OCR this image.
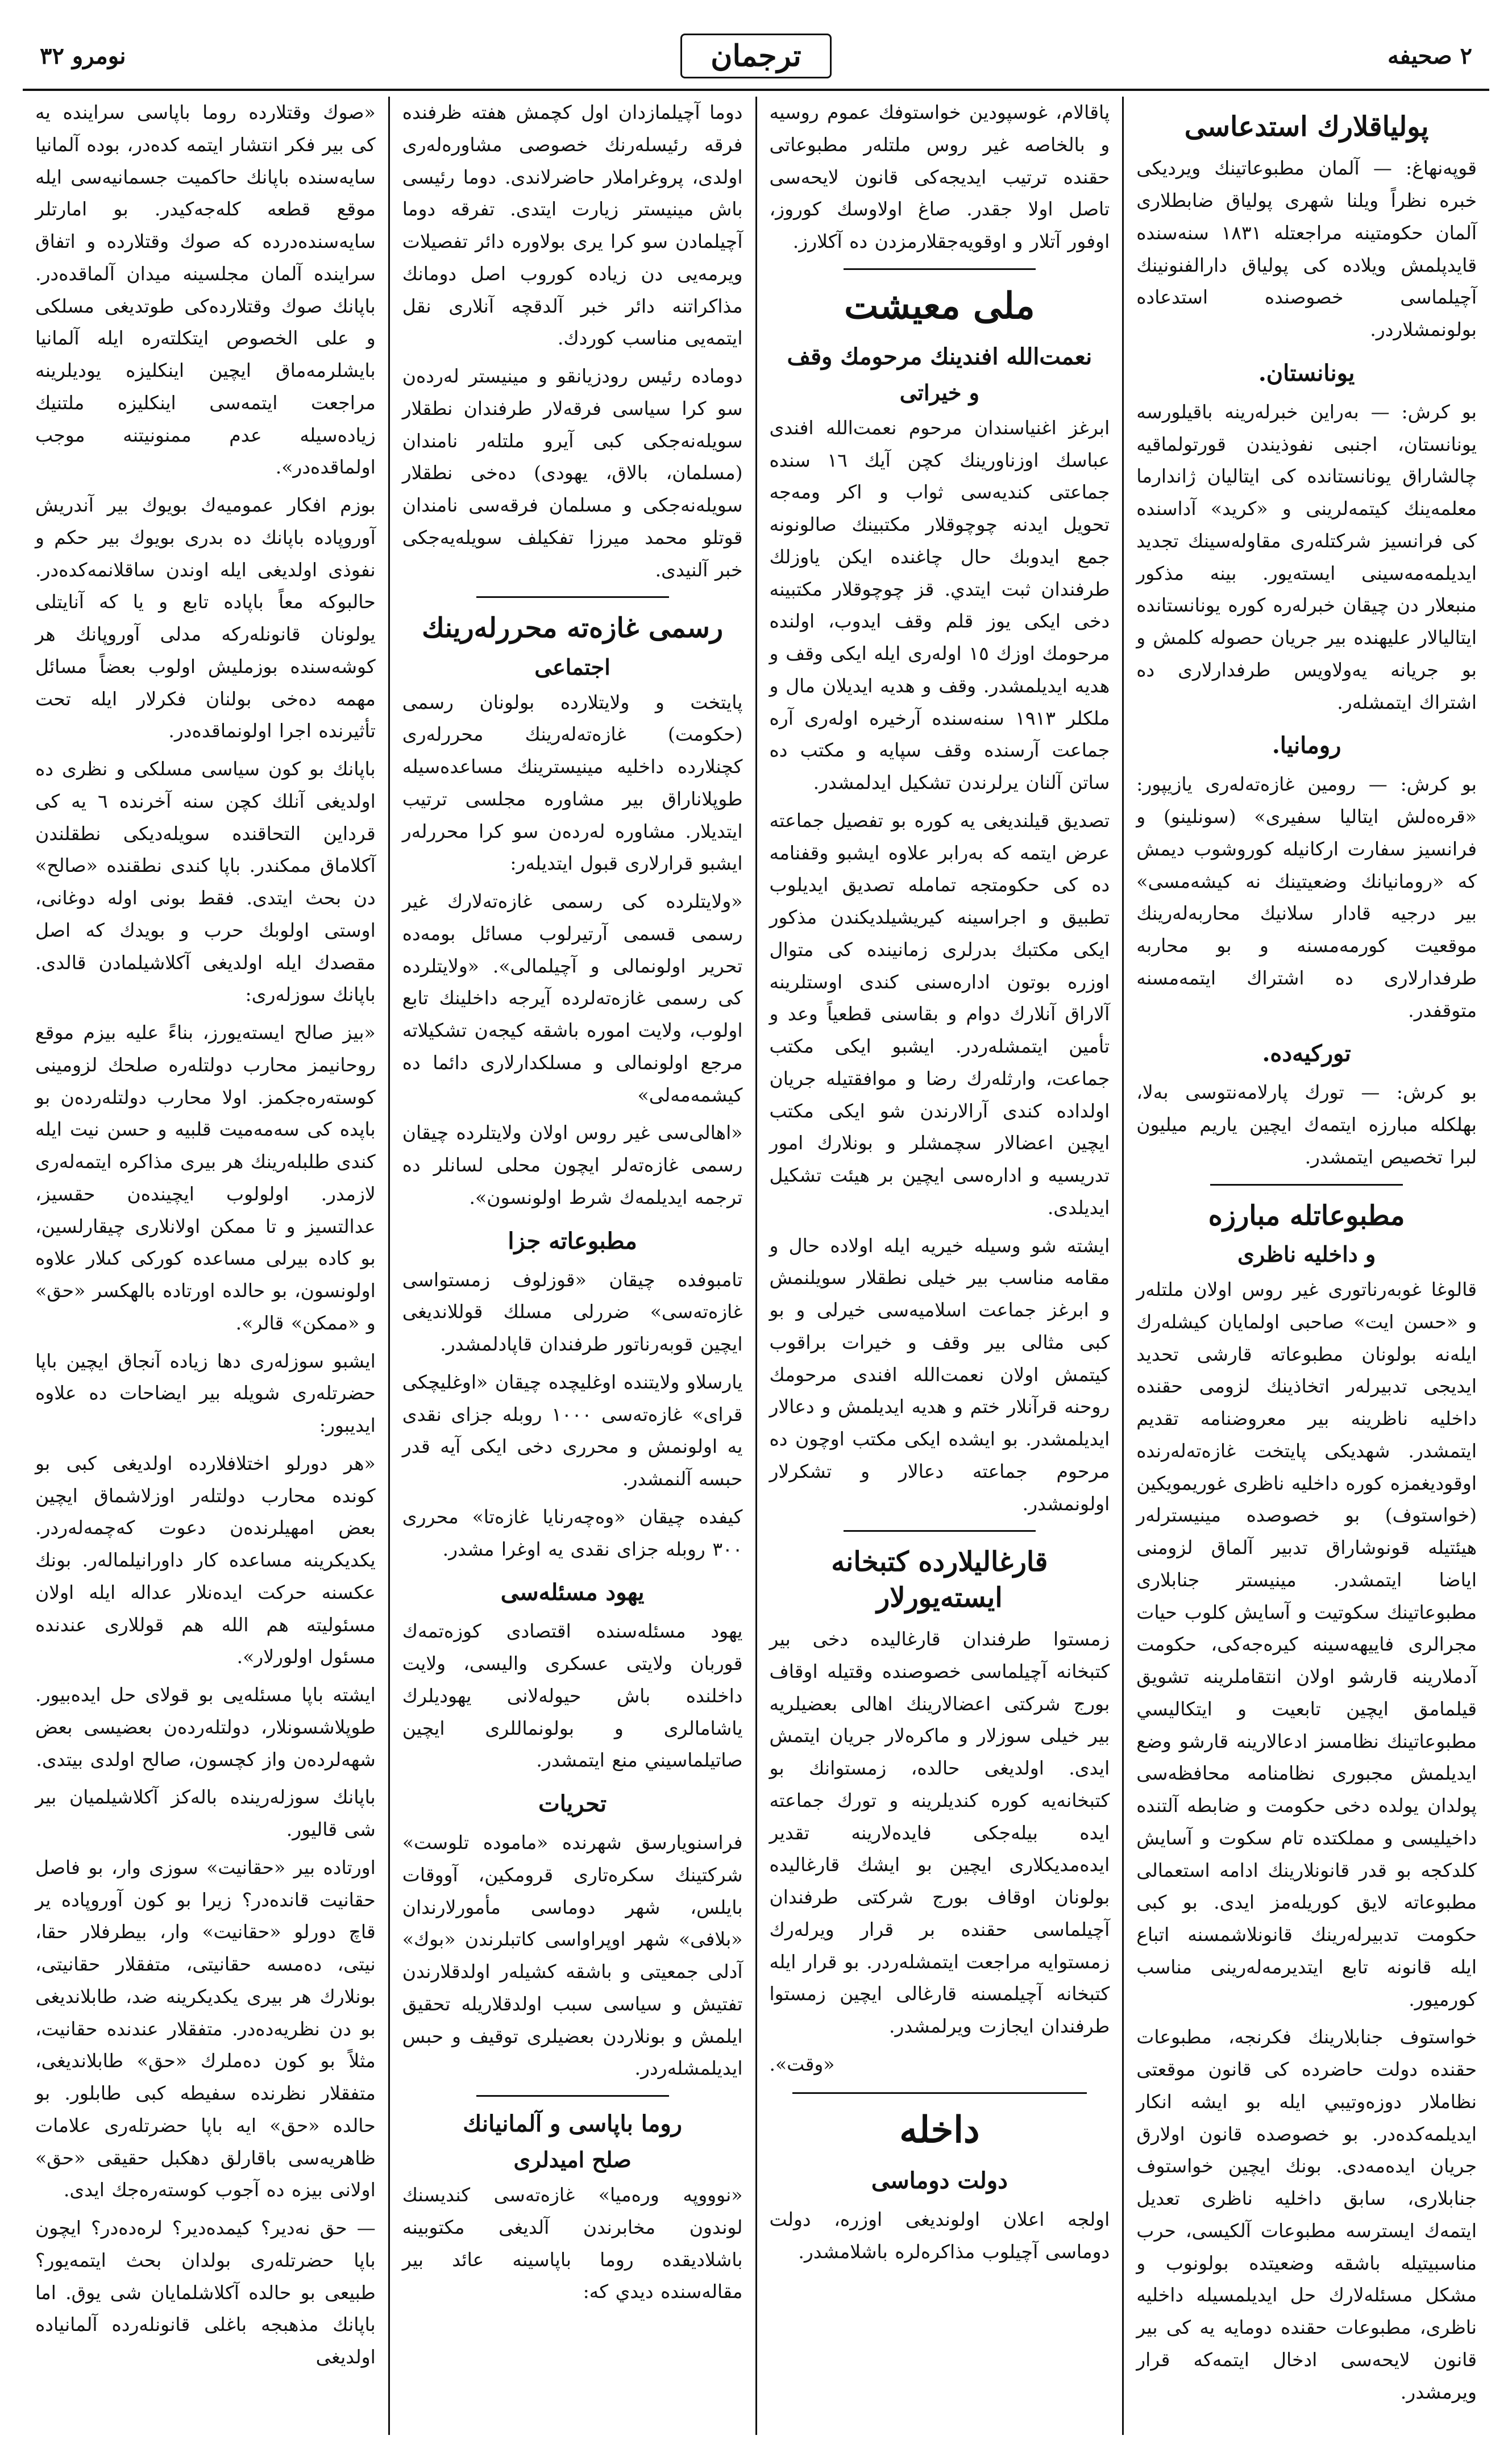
٢ صحيفه
ترجمان
نومرو ٣٢
پولياقلارك استدعاسى

قوپه‌نهاغ: — آلمان مطبوعاتينك ويرديكى خبره نظراً ويلنا شهرى پولياق ضابطلارى آلمان حكومتينه مراجعتله ١٨٣١ سنه‌سنده قايدپلمش ويلاده كى پولياق دارالفنونينك آچيلماسى خصوصنده استدعاده بولونمشلاردر.

يونانستان.

بو كرش: — بەراين خبرلەرينه باقيلورسه يونانستان، اجنبى نفوذيندن قورتولماقيه چالشاراق يونانستانده كى ايتاليان ژاندارما معلمەينك كيتمەلرينى و «كريد» آداسنده كى فرانسيز شركتلەرى مقاولەسينك تجديد ايديلمەمەسينى ايستەيور. بينه مذكور منبعلار دن چيقان خبرلەره كوره يونانستانده ايتاليالار عليهنده بير جريان حصوله كلمش و بو جريانه يه‌ولاويس طرفدارلارى ده اشتراك ايتمشلەر.

رومانيا.

بو كرش: — رومين غازەتەلەرى يازيپور: «قره‌ه‌لش ايتاليا سفيرى» (سونلينو) و فرانسيز سفارت اركانيله كوروشوب ديمش كه «رومانيانك وضعيتينك نه كيشەمسى» بير درجيه قادار سلانيك محاربه‌لەرينك موقعيت كورمەمسنه و بو محاربه طرفدارلارى ده اشتراك ايتمەمسنه متوقفدر.

توركيەده.

بو كرش: — تورك پارلامەنتوسى بەلا، بهلكله مبارزه ايتمەك ايچين ياريم ميليون لبرا تخصيص ايتمشدر.

مطبوعاتله مبارزه
و داخليه ناظرى

قالوغا غوبەرناتورى غير روس اولان ملتلەر و «حسن ايت» صاحبى اولمايان كيشلەرك ايلەنە بولونان مطبوعاته قارشى تحديد ايديجى تدبيرلەر اتخاذينك لزومى حقنده داخليه ناظرينه بير معروضنامه تقديم ايتمشدر. شهديكى پايتخت غازەتەلەرنده اوقوديغمزه كوره داخليه ناظرى غوريمويكين (خواستوف) بو خصوصده مينيسترلەر هيئتيله قونوشاراق تدبير آلماق لزومنى اياضا ايتمشدر. مينيستر جنابلارى مطبوعاتينك سكوتيت و آسايش كلوب حيات مجرالرى فاييهەسينه كيرەجەكى، حكومت آدملارينه قارشو اولان انتقاملرينه تشويق قيلمامق ايچين تابعيت و ايتكاليسي مطبوعاتينك نظامسز ادعالارينه قارشو وضع ايديلمش مجبورى نظامنامه محافظه‌سى پولدان يولده دخى حكومت و ضابطه آلتنده داخيليسى و مملكتده تام سكوت و آسايش كلدكجه بو قدر قانونلارينك ادامه استعمالى مطبوعاته لايق كوريلەمز ايدى. بو كبى حكومت تدبيرلەرينك قانونلاشمسنه اتباع ايله قانونه تابع ايتديرمەلەرينى مناسب كورميور.

خواستوف جنابلارينك فكرنجه، مطبوعات حقنده دولت حاضرده كى قانون موقعتى نظاملار دوزەوتيبي ايله بو ايشە انكار ايديلمەكدەدر. بو خصوصده قانون اولارق جريان ايدەمەدى. بونك ايچين خواستوف جنابلارى، سابق داخليه ناظرى تعديل ايتمەك ايسترسه مطبوعات آلكيسى، حرب مناسبيتيله باشقه وضعيتده بولونوب و مشكل مسئلەلارك حل ايديلمسيله داخليه ناظرى، مطبوعات حقنده دومايه يه كى بير قانون لايحەسى ادخال ايتمەكە قرار ويرمشدر.

پاقالام، غوسپودين خواستوفك عموم روسيه و بالخاصه غير روس ملتلەر مطبوعاتى حقنده ترتيب ايديجەكى قانون لايحەسى تاصل اولا جقدر. صاغ اولاوسك كوروز، اوفور آتلار و اوقويەجقلارمزدن ده آكلارز.

ملى معيشت
نعمت‌الله افندينك مرحومك وقف
و خيراتى

ابرغز اغنياسندان مرحوم نعمت‌الله افندى عباسك اوزناورينك كچن آيك ١٦ سنده جماعتى كنديه‌سى ثواب و اكر ومەجە تحويل ايدنە چوچوقلار مكتبينك صالونونه جمع ايدوبك حال چاغنده ايكن ياوزلك طرفندان ثبت ايتدي. قز چوچوقلار مكتبينه دخى ايكى يوز قلم وقف ايدوب، اولنده مرحومك اوزك ١٥ اولەرى ايله ايكى وقف و هديه ايديلمشدر. وقف و هديه ايديلان مال و ملكلر ١٩١٣ سنه‌سنده آرخيرە اولەرى آره جماعت آرسنده وقف سپايه و مكتب ده ساتن آلنان يرلرندن تشكيل ايدلمشدر.

تصديق قيلنديغى يه كوره بو تفصيل جماعته عرض ايتمه كه بەرابر علاوه ايشبو وقفنامه ده كى حكومتجه تمامله تصديق ايديلوب تطبيق و اجراسينه كيريشيلديكندن مذكور ايكى مكتبك بدرلرى زمانينده كى متوال اوزره بوتون ادارەسنى كندى اوستلرينه آلاراق آنلارك دوام و بقاسنى قطعياً وعد و تأمين ايتمشلەردر. ايشبو ايكى مكتب جماعت، وارثلەرك رضا و موافقتيله جريان اولداده كندى آرالارندن شو ايكى مكتب ايچين اعضالار سچمشلر و بونلارك امور تدريسيه و ادارەسى ايچين بر هيئت تشكيل ايديلدى.

ايشته شو وسيله خيريه ايله اولاده حال و مقامه مناسب بير خيلى نطقلار سويلنمش و ابرغز جماعت اسلاميه‌سى خيرلى و بو كبى مثالى بير وقف و خيرات براقوب كيتمش اولان نعمت‌الله افندى مرحومك روحنه قرآنلار ختم و هديه ايديلمش و دعالار ايديلمشدر. بو ايشده ايكى مكتب اوچون ده مرحوم جماعته دعالار و تشكرلار اولونمشدر.

قارغاليلارده كتبخانه ايستەيورلار

زمستوا طرفندان قارغاليده دخى بير كتبخانه آچيلماسى خصوصنده وقتيله اوقاف بورج شركتى اعضالارينك اهالى بعضيلريه بير خيلى سوزلار و ماكرەلار جريان ايتمش ايدى. اولديغى حالده، زمستوانك بو كتبخانه‌يه كوره كنديلرينه و تورك جماعته ايده بيلەجكى فايدەلارينه تقدير ايدەمديكلارى ايچين بو ايشك قارغاليده بولونان اوقاف بورج شركتى طرفندان آچيلماسى حقنده بر قرار ويرلەرك زمستوايه مراجعت ايتمشلەردر. بو قرار ايله كتبخانه آچيلمسنه قارغالى ايچين زمستوا طرفندان ايجازت ويرلمشدر.

«وقت».

داخله
دولت دوماسى

اولجه اعلان اولونديغى اوزره، دولت دوماسى آچيلوب مذاكرەلره باشلامشدر.

دوما آچيلمازدان اول كچمش هفته ظرفنده فرقه رئيسلەرنك خصوصى مشاوره‌لەرى اولدى، پروغراملار حاضرلاندى. دوما رئيسى باش مينيستر زيارت ايتدى. تفرقه دوما آچيلمادن سو كرا يرى بولاوره دائر تفصيلات ويرمه‌يى دن زياده كوروب اصل دومانك مذاكراتنه دائر خبر آلدقچه آنلارى نقل ايتمه‌يى مناسب كوردك.

دوماده رئيس رودزيانقو و مينيستر لەردەن سو كرا سياسى فرقەلار طرفندان نطقلار سويلەنەجكى كبى آيرو ملتلەر نامندان (مسلمان، بالاق، يهودى) ده‌خى نطقلار سويلەنەجكى و مسلمان فرقەسى نامندان قوتلو محمد ميرزا تفكيلف سويلەيەجكى خبر آلنيدى.

رسمى غازەته محررلەرينك
اجتماعى

پايتخت و ولايتلارده بولونان رسمى (حكومت) غازەتەلەرينك محررلەرى كچنلارده داخليه مينيسترينك مساعده‌سيله طوپلاناراق بير مشاوره مجلسى ترتيب ايتديلار. مشاوره لەردەن سو كرا محررلەر ايشبو قرارلارى قبول ايتديلەر:

«ولايتلرده كى رسمى غازەتەلارك غير رسمى قسمى آرتيرلوب مسائل بومەدە تحرير اولونمالى و آچيلمالى». «ولايتلرده كى رسمى غازەتەلرده آيرجه داخلينك تابع اولوب، ولايت اموره باشقه كيجەن تشكيلاته مرجع اولونمالى و مسلكدارلارى دائما ده كيشمەمەلى»

«اهالى‌سى غير روس اولان ولايتلرده چيقان رسمى غازەتەلر ايچون محلى لسانلر ده ترجمه ايديلمەك شرط اولونسون».

مطبوعاته جزا

تامبوفده چيقان «قوزلوف زمستواسى غازەتەسى» ضررلى مسلك قوللانديغى ايچين قوبەرناتور طرفندان قاپادلمشدر.

يارسلاو ولايتنده اوغليچده چيقان «اوغليچكى قراى» غازەتەسى ١٠٠٠ روبله جزاى نقدى يه اولونمش و محررى دخى ايكى آيه قدر حبسه آلنمشدر.

كيفده چيقان «وەچەرنايا غازەتا» محررى ٣٠٠ روبله جزاى نقدى يه اوغرا مشدر.

يهود مسئلەسى

يهود مسئلەسنده اقتصادى كوزەتمەك قوربان ولايتى عسكرى واليسى، ولايت داخلنده باش حيولەلانى يهوديلرك ياشامالرى و بولونماللرى ايچين صاتيلماسيني منع ايتمشدر.

تحريات

فراسنويارسق شهرنده «ماموده تلوست» شركتينك سكرەتارى قرومكين، آووقات بايلس، شهر دوماسى مأمورلارندان «بلافى» شهر اوپراواسى كاتبلرندن «بوك» آدلى جمعيتى و باشقه كشيلەر اولدقلارندن تفتيش و سياسى سبب اولدقلاريله تحقيق ايلمش و بونلاردن بعضيلرى توقيف و حبس ايديلمشلەردر.

روما باپاسى و آلمانيانك
صلح اميدلرى

«نوووپه ورەميا» غازەتەسى كنديسنك لوندون مخابرندن آلديغى مكتوبينه باشلاديقده روما باپاسينه عائد بير مقالەسنده ديدي كه:

«صوك وقتلارده روما باپاسى سراينده يه كى بير فكر انتشار ايتمه كده‌در، بوده آلمانيا سايه‌سنده باپانك حاكميت جسمانيەسى ايله موقع قطعه كلەجەكيدر. بو امارتلر سايەسنده‌درده كه صوك وقتلارده و اتفاق سراينده آلمان مجلسينه ميدان آلماقدەدر. باپانك صوك وقتلارده‌كى طوتديغى مسلكى و على الخصوص ايتكلتەره ايله آلمانيا بايشلرمه‌ماق ايچين اينكليزه يوديلرينه مراجعت ايتمەسى اينكليزه ملتنيك زياده‌سيله عدم ممنونيتنه موجب اولماقدەدر».

بوزم افكار عموميه‌ك بويوك بير آندريش آوروپاده باپانك ده بدرى بويوك بير حكم و نفوذى اولديغى ايله اوندن ساقلانمه‌كدەدر. حالبوكه معاً باپاده تابع و يا كه آنايتلى يولونان قانونلەركه مدلى آوروپانك هر كوشه‌سنده بوزمليش اولوب بعضاً مسائل مهمه ده‌خى بولنان فكرلار ايله تحت تأثيرنده اجرا اولونماقده‌در.

باپانك بو كون سياسى مسلكى و نظرى ده اولديغى آنلك كچن سنه آخرنده ٦ يه كى قرداين التحاقنده سويلەديكى نطقلندن آكلاماق ممكندر. باپا كندى نطقنده «صالح» دن بحث ايتدى. فقط بونى اوله دوغانى، اوستى اولوبك حرب و بويدك كه اصل مقصدك ايله اولديغى آكلاشيلمادن قالدى. باپانك سوزلەرى:

«بيز صالح ايستەيورز، بناءً عليه بيزم موقع روحانيمز محارب دولتلەره صلحك لزومينى كوستەرەجكمز. اولا محارب دولتلەردەن بو باپده كى سەمەميت قلبيه و حسن نيت ايله كندى طلبلەرينك هر بيرى مذاكره ايتمەلەرى لازمدر. اولولوب ايچيندەن حقسيز، عدالتسيز و تا ممكن اولانلارى چيقارلسين، بو كاده بيرلى مساعده كوركى كىلار علاوه اولونسون، بو حالده اورتاده بالهكسر «حق» و «ممكن» قالر».

ايشبو سوزلەرى دها زياده آنجاق ايچين باپا حضرتلەرى شويله بير ايضاحات ده علاوه ايديبور:

«هر دورلو اختلافلارده اولديغى كبى بو كونده محارب دولتلەر اوزلاشماق ايچين بعض امهيلرندەن دعوت كەچمەلەردر. يكديكرينه مساعده كار داورانيلمالەر. بونك عكسنه حركت ايدەنلار عداله ايله اولان مسئوليته هم الله هم قوللارى عندنده مسئول اولورلار».

ايشته باپا مسئلەيى بو قولاى حل ايدەبيور. طوپلاشسونلار، دولتلەردەن بعضيسى بعض شهەلردەن واز كچسون، صالح اولدى بيتدى.

باپانك سوزلەرينده باله‌كز آكلاشيلميان بير شى قاليور.

اورتاده بير «حقانيت» سوزى وار، بو فاصل حقانيت قاندەدر؟ زيرا بو كون آوروپاده ير قاچ دورلو «حقانيت» وار، بيطرفلار حقا، نيتى، ده‌مسه حقانيتى، متفقلار حقانيتى، بونلارك هر بيرى يكديكرينه ضد، طابلانديغى بو دن نظريه‌ده‌در. متفقلار عندنده حقانيت، مثلاً بو كون ده‌ملرك «حق» طابلانديغى، متفقلار نظرنده سفيطه كبى طابلور. بو حالده «حق» ايه باپا حضرتلەرى علامات ظاهريه‌سى باقارلق دهكبل حقيقى «حق» اولانى بيزه ده آجوب كوستەرەجك ايدى.

— حق نه‌دير؟ كيمده‌دير؟ لره‌دەدر؟ ايچون باپا حضرتلەرى بولدان بحث ايتمە‌يور؟ طبيعى بو حالده آكلاشلمايان شى يوق. اما باپانك مذهبجه باغلى قانونلەرده آلمانياده اولديغى
